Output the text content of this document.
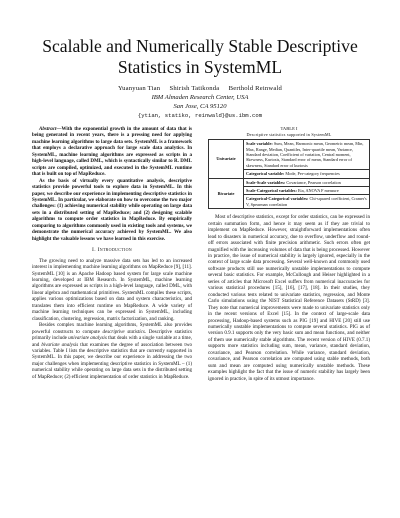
Scalable and Numerically Stable Descriptive
Statistics in SystemML
Yuanyuan Tian     Shirish Tatikonda     Berthold Reinwald
IBM Almaden Research Center, USA
San Jose, CA 95120
{ytian, statiko, reinwald}@us.ibm.com

Abstract—With the exponential growth in the amount of data that is being generated in recent years, there is a pressing need for applying machine learning algorithms to large data sets. SystemML is a framework that employs a declarative approach for large scale data analytics. In SystemML, machine learning algorithms are expressed as scripts in a high-level language, called DML, which is syntactically similar to R. DML scripts are compiled, optimized, and executed in the SystemML runtime that is built on top of MapReduce.

As the basis of virtually every quantitative analysis, descriptive statistics provide powerful tools to explore data in SystemML. In this paper, we describe our experience in implementing descriptive statistics in SystemML. In particular, we elaborate on how to overcome the two major challenges: (1) achieving numerical stability while operating on large data sets in a distributed setting of MapReduce; and (2) designing scalable algorithms to compute order statistics in MapReduce. By empirically comparing to algorithms commonly used in existing tools and systems, we demonstrate the numerical accuracy achieved by SystemML. We also highlight the valuable lessons we have learned in this exercise.

I. Introduction

The growing need to analyze massive data sets has led to an increased interest in implementing machine learning algorithms on MapReduce [9], [11]. SystemML [10] is an Apache Hadoop based system for large scale machine learning, developed at IBM Research. In SystemML, machine learning algorithms are expressed as scripts in a high-level language, called DML, with linear algebra and mathematical primitives. SystemML compiles these scripts, applies various optimizations based on data and system characteristics, and translates them into efficient runtime on MapReduce. A wide variety of machine learning techniques can be expressed in SystemML, including classification, clustering, regression, matrix factorization, and ranking.

Besides complex machine learning algorithms, SystemML also provides powerful constructs to compute descriptive statistics. Descriptive statistics primarily include univariate analysis that deals with a single variable at a time, and bivariate analysis that examines the degree of association between two variables. Table I lists the descriptive statistics that are currently supported in SystemML. In this paper, we describe our experience in addressing the two major challenges when implementing descriptive statistics in SystemML – (1) numerical stability while operating on large data sets in the distributed setting of MapReduce; (2) efficient implementation of order statistics in MapReduce.

TABLE I
Descriptive statistics supported in SystemML
Univariate	Scale variable: Sum, Mean, Harmonic mean, Geometric mean, Min, Max, Range, Median, Quantiles, Inter-quartile mean, Variance, Standard deviation, Coefficient of variation, Central moment, Skewness, Kurtosis, Standard error of mean, Standard error of skewness, Standard error of kurtosis
	Categorical variable: Mode, Per-category frequencies
Bivariate	Scale-Scale variables: Covariance, Pearson correlation
	Scale-Categorical variables: Eta, ANOVA F measure
	Categorical-Categorical variables: Chi-squared coefficient, Cramer's V, Spearman correlation

Most of descriptive statistics, except for order statistics, can be expressed in certain summation form, and hence it may seem as if they are trivial to implement on MapReduce. However, straightforward implementations often lead to disasters in numerical accuracy, due to overflow, underflow and round-off errors associated with finite precision arithmetic. Such errors often get magnified with the increasing volumes of data that is being processed. However in practice, the issue of numerical stability is largely ignored, especially in the context of large scale data processing. Several well-known and commonly used software products still use numerically unstable implementations to compute several basic statistics. For example, McCullough and Heiser highlighted in a series of articles that Microsoft Excel suffers from numerical inaccuracies for various statistical procedures [15], [16], [17], [18]. In their studies, they conducted various tests related to univariate statistics, regression, and Monte Carlo simulations using the NIST Statistical Reference Datasets (StRD) [3]. They note that numerical improvements were made to univariate statistics only in the recent versions of Excel [15]. In the context of large-scale data processing, Hadoop-based systems such as PIG [19] and HIVE [20] still use numerically unstable implementations to compute several statistics. PIG as of version 0.9.1 supports only the very basic sum and mean functions, and neither of them use numerically stable algorithms. The recent version of HIVE (0.7.1) supports more statistics including sum, mean, variance, standard deviation, covariance, and Pearson correlation. While variance, standard deviation, covariance, and Pearson correlation are computed using stable methods, both sum and mean are computed using numerically unstable methods. These examples highlight the fact that the issue of numeric stability has largely been ignored in practice, in spite of its utmost importance.
